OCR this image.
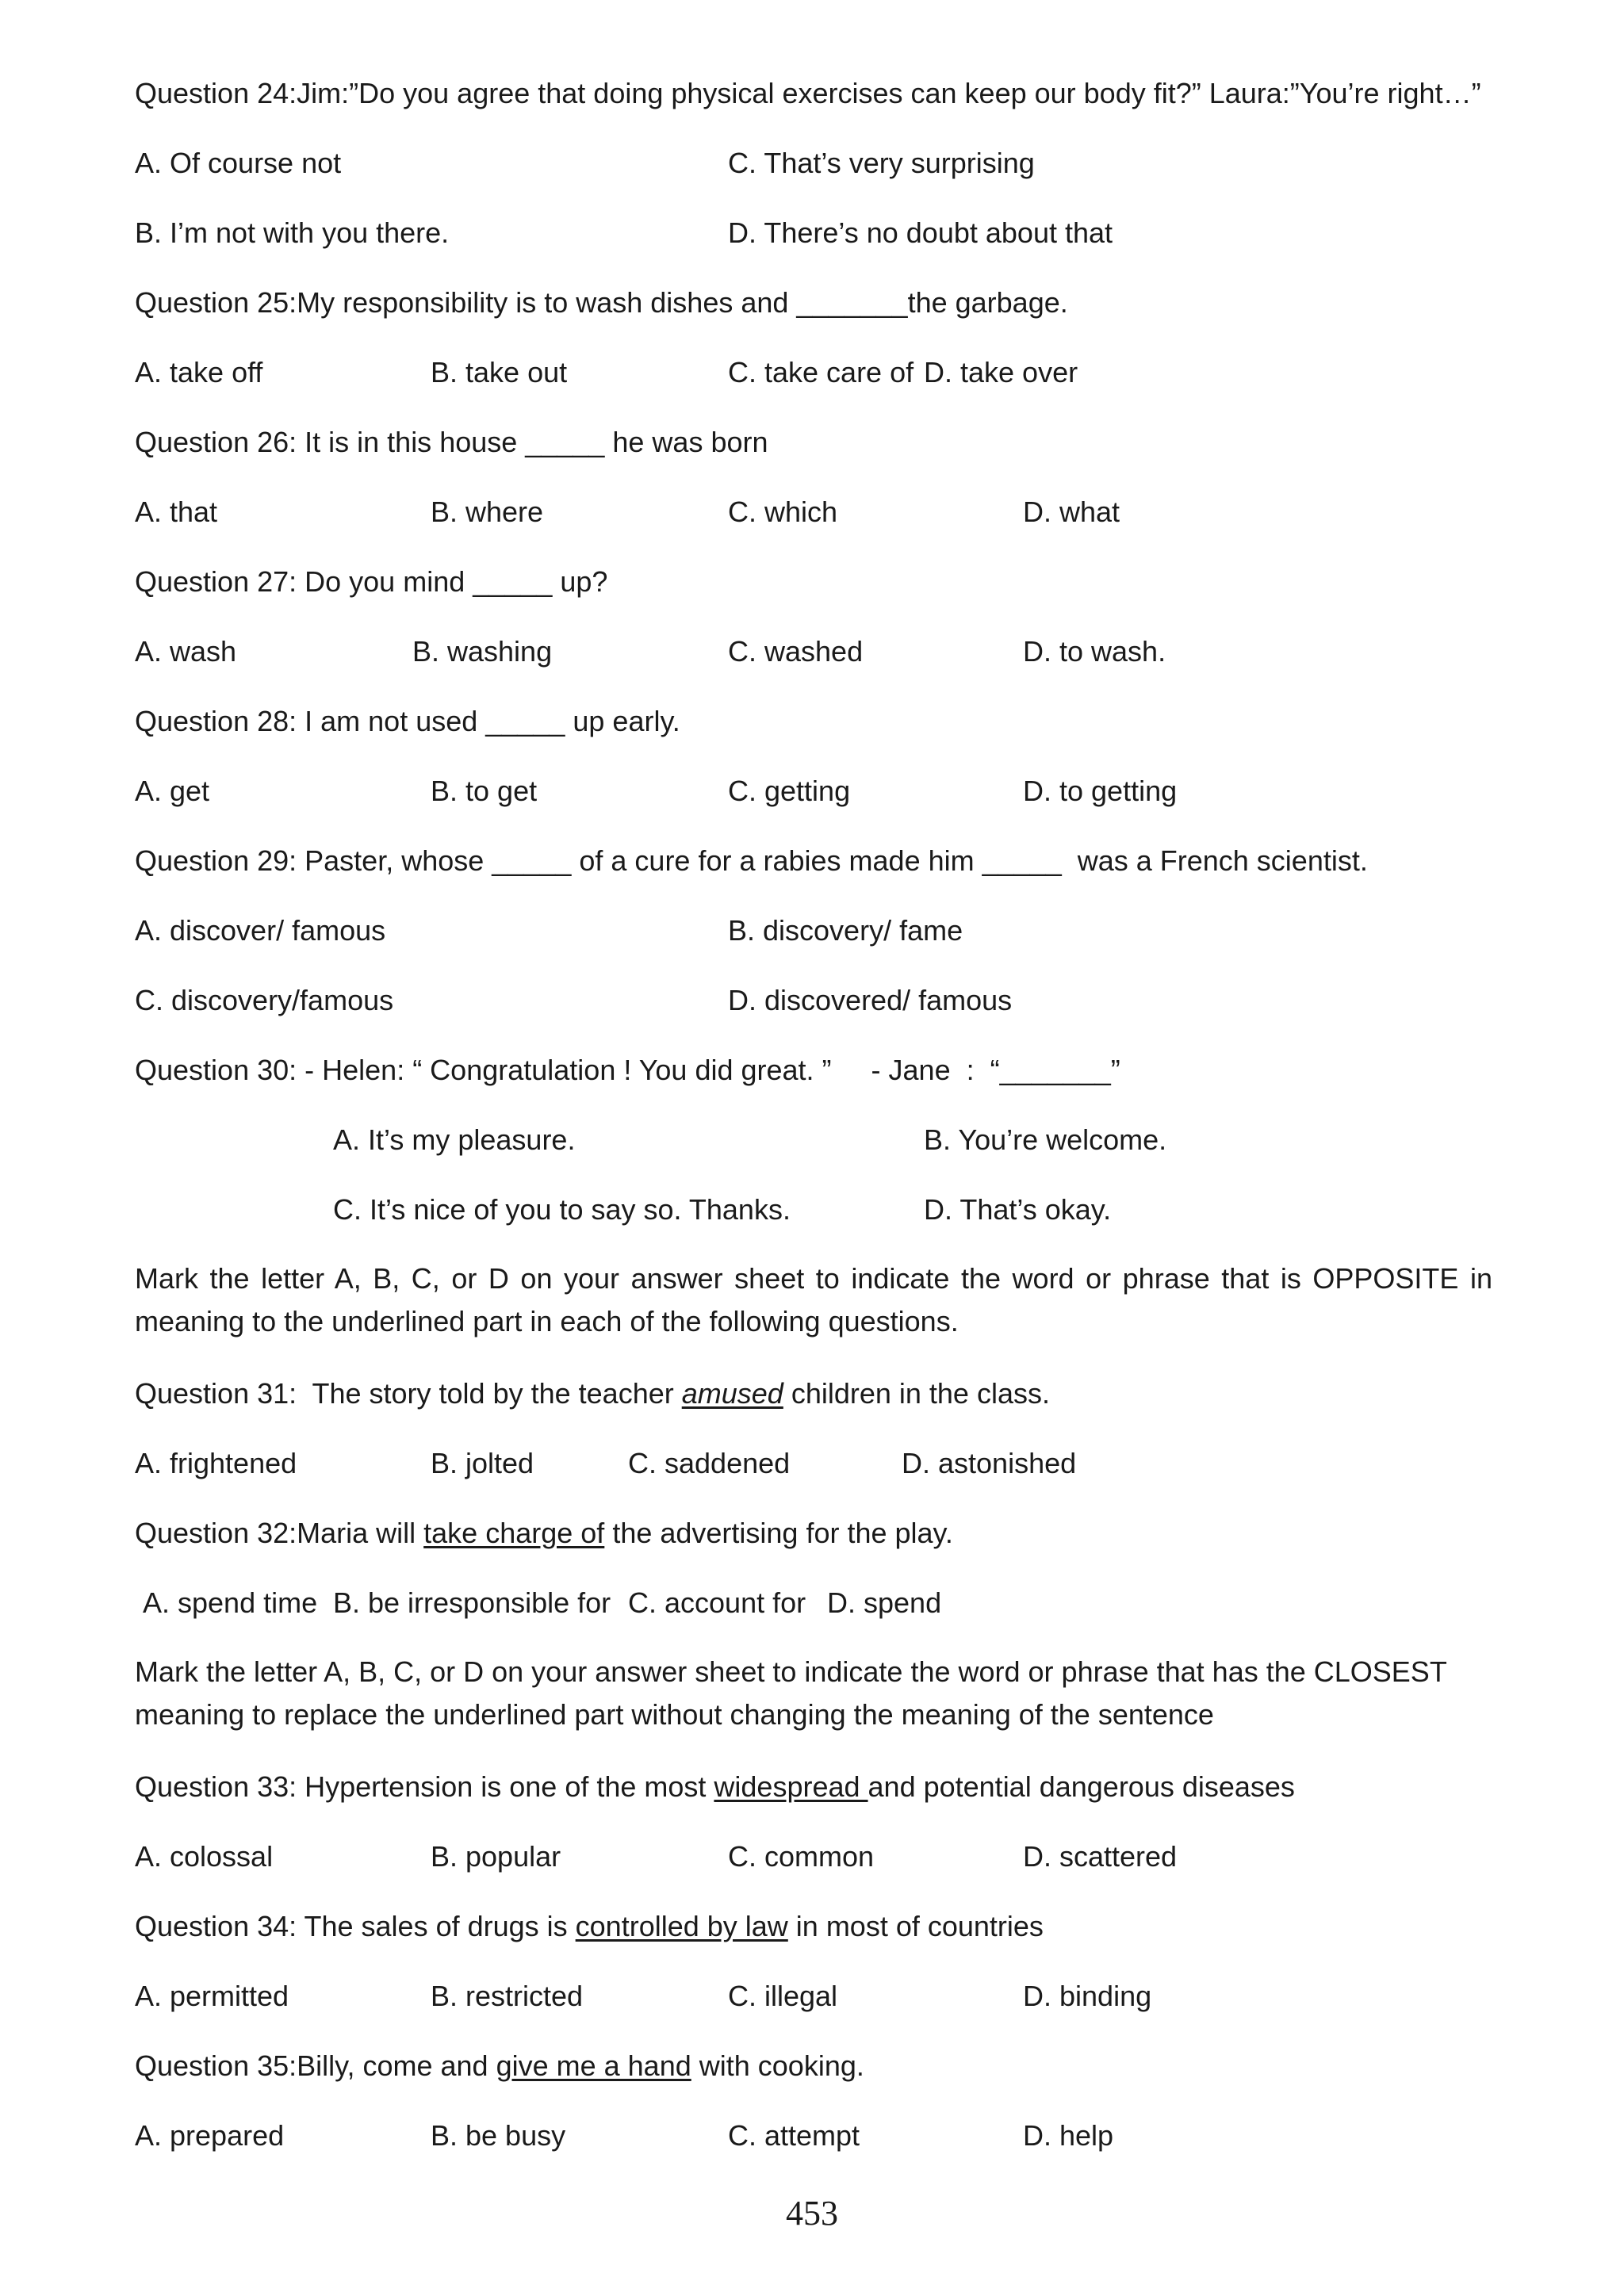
Question 24:Jim:”Do you agree that doing physical exercises can keep our body fit?” Laura:”You’re right…”
A. Of course not	C. That’s very surprising
B. I’m not with you there.	D. There’s no doubt about that
Question 25:My responsibility is to wash dishes and _______the garbage.
A. take off	B. take out	C. take care of D. take over
Question 26: It is in this house _____ he was born
A. that	B. where	C. which	D. what
Question 27: Do you mind _____ up?
A. wash	B. washing	C. washed	D. to wash.
Question 28: I am not used _____ up early.
A. get	B. to get	C. getting	D. to getting
Question 29: Paster, whose _____ of a cure for a rabies made him _____  was a French scientist.
A. discover/ famous	B. discovery/ fame
C. discovery/famous	D. discovered/ famous
Question 30: - Helen: “ Congratulation ! You did great. ”     - Jane  :  “_______”
A. It’s my pleasure.	B. You’re welcome.
C. It’s nice of you to say so. Thanks.	D. That’s okay.
Mark the letter A, B, C, or D on your answer sheet to indicate the word or phrase that is OPPOSITE in meaning to the underlined part in each of the following questions.
Question 31:  The story told by the teacher amused children in the class.
A. frightened	B. jolted	C. saddened	D. astonished
Question 32:Maria will take charge of the advertising for the play.
A. spend time B. be irresponsible for C. account for D. spend
Mark the letter A, B, C, or D on your answer sheet to indicate the word or phrase that has the CLOSEST meaning to replace the underlined part without changing the meaning of the sentence
Question 33: Hypertension is one of the most widespread and potential dangerous diseases
A. colossal	B. popular	C. common	D. scattered
Question 34: The sales of drugs is controlled by law in most of countries
A. permitted	B. restricted	C. illegal	D. binding
Question 35:Billy, come and give me a hand with cooking.
A. prepared	B. be busy	C. attempt	D. help
453
